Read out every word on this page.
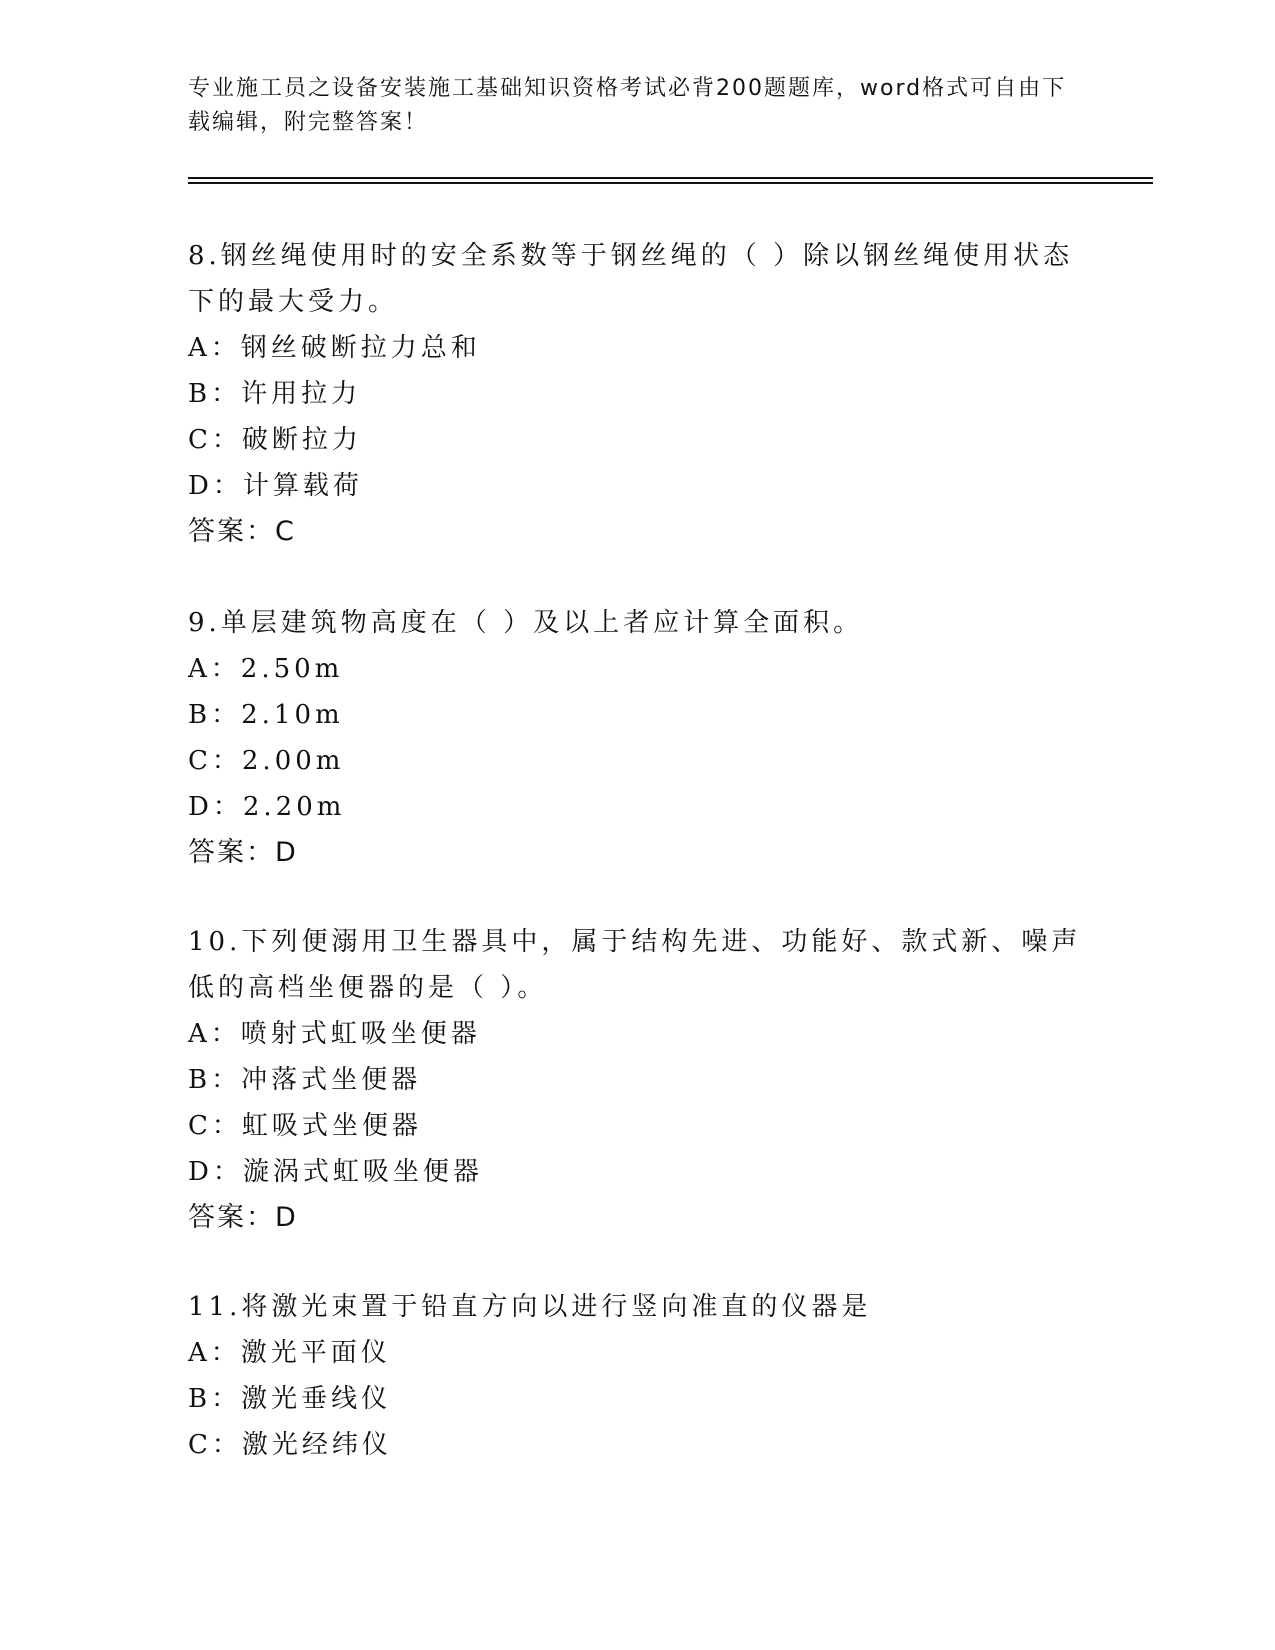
专业施工员之设备安装施工基础知识资格考试必背200题题库，word格式可自由下载编辑，附完整答案！
8.钢丝绳使用时的安全系数等于钢丝绳的（ ）除以钢丝绳使用状态下的最大受力。
A：钢丝破断拉力总和
B：许用拉力
C：破断拉力
D：计算载荷
答案：C
9.单层建筑物高度在（ ）及以上者应计算全面积。
A：2.50m
B：2.10m
C：2.00m
D：2.20m
答案：D
10.下列便溺用卫生器具中，属于结构先进、功能好、款式新、噪声低的高档坐便器的是（ ）。
A：喷射式虹吸坐便器
B：冲落式坐便器
C：虹吸式坐便器
D：漩涡式虹吸坐便器
答案：D
11.将激光束置于铅直方向以进行竖向准直的仪器是
A：激光平面仪
B：激光垂线仪
C：激光经纬仪
